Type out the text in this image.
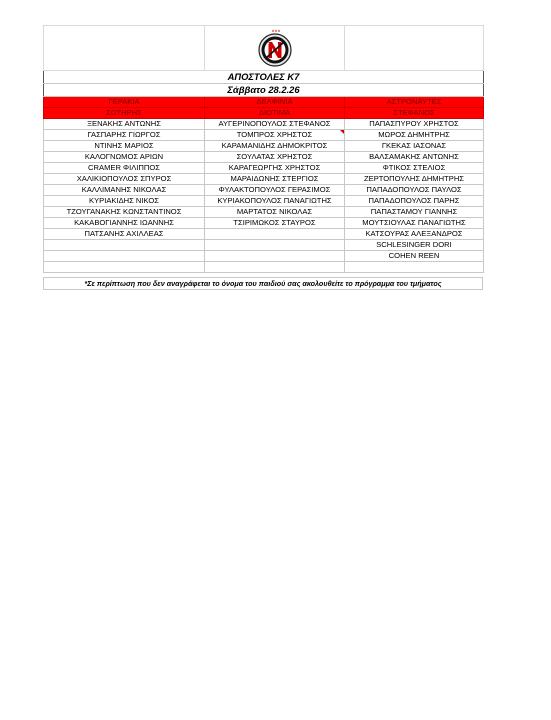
ΑΠΟΣΤΟΛΕΣ Κ7		
Σάββατο 28.2.26		
ΓΕΡΑΚΙΑ	ΔΕΛΦΙΝΙΑ	ΑΣΤΡΟΝΑΥΤΕΣ
ΣΩΤΗΡΗΣ	ΔΙΟΤΙΜΑ	ΣΤΕΦΑΝΟΣ
ΞΕΝΑΚΗΣ ΑΝΤΩΝΗΣ	ΑΥΓΕΡΙΝΟΠΟΥΛΟΣ ΣΤΕΦΑΝΟΣ	ΠΑΠΑΣΠΥΡΟΥ ΧΡΗΣΤΟΣ
ΓΑΣΠΑΡΗΣ ΓΙΩΡΓΟΣ	ΤΟΜΠΡΟΣ ΧΡΗΣΤΟΣ	ΜΩΡΟΣ ΔΗΜΗΤΡΗΣ
ΝΤΙΝΗΣ ΜΑΡΙΟΣ	ΚΑΡΑΜΑΝΙΔΗΣ ΔΗΜΟΚΡΙΤΟΣ	ΓΚΕΚΑΣ ΙΑΣΟΝΑΣ
ΚΑΛΟΓΝΩΜΟΣ ΑΡΙΩΝ	ΣΟΥΛΑΤΑΣ ΧΡΗΣΤΟΣ	ΒΑΛΣΑΜΑΚΗΣ ΑΝΤΩΝΗΣ
CRAMER ΦΙΛΙΠΠΟΣ	ΚΑΡΑΓΕΩΡΓΗΣ ΧΡΗΣΤΟΣ	ΦΤΙΚΟΣ ΣΤΕΛΙΟΣ
ΧΑΛΙΚΙΟΠΟΥΛΟΣ ΣΠΥΡΟΣ	ΜΑΡΑΙΔΩΝΗΣ ΣΤΕΡΓΙΟΣ	ΖΕΡΤΟΠΟΥΛΗΣ ΔΗΜΗΤΡΗΣ
ΚΑΛΛΙΜΑΝΗΣ ΝΙΚΟΛΑΣ	ΦΥΛΑΚΤΟΠΟΥΛΟΣ ΓΕΡΑΣΙΜΟΣ	ΠΑΠΑΔΟΠΟΥΛΟΣ ΠΑΥΛΟΣ
ΚΥΡΙΑΚΙΔΗΣ ΝΙΚΟΣ	ΚΥΡΙΑΚΟΠΟΥΛΟΣ ΠΑΝΑΓΙΩΤΗΣ	ΠΑΠΑΔΟΠΟΥΛΟΣ ΠΑΡΗΣ
ΤΖΟΥΓΑΝΑΚΗΣ ΚΩΝΣΤΑΝΤΙΝΟΣ	ΜΑΡΤΑΤΟΣ ΝΙΚΟΛΑΣ	ΠΑΠΑΣΤΑΜΟΥ ΓΙΑΝΝΗΣ
ΚΑΚΑΒΟΓΙΑΝΝΗΣ ΙΩΑΝΝΗΣ	ΤΣΙΡΙΜΩΚΟΣ ΣΤΑΥΡΟΣ	ΜΟΥΤΣΙΟΥΛΑΣ ΠΑΝΑΓΙΩΤΗΣ
ΠΑΤΣΑΝΗΣ ΑΧΙΛΛΕΑΣ		ΚΑΤΣΟΥΡΑΣ ΑΛΕΞΑΝΔΡΟΣ
		SCHLESINGER DORI
		COHEN REEN

*Σε περίπτωση που δεν αναγράφεται το όνομα του παιδιού σας ακολουθείτε το πρόγραμμα του τμήματος
